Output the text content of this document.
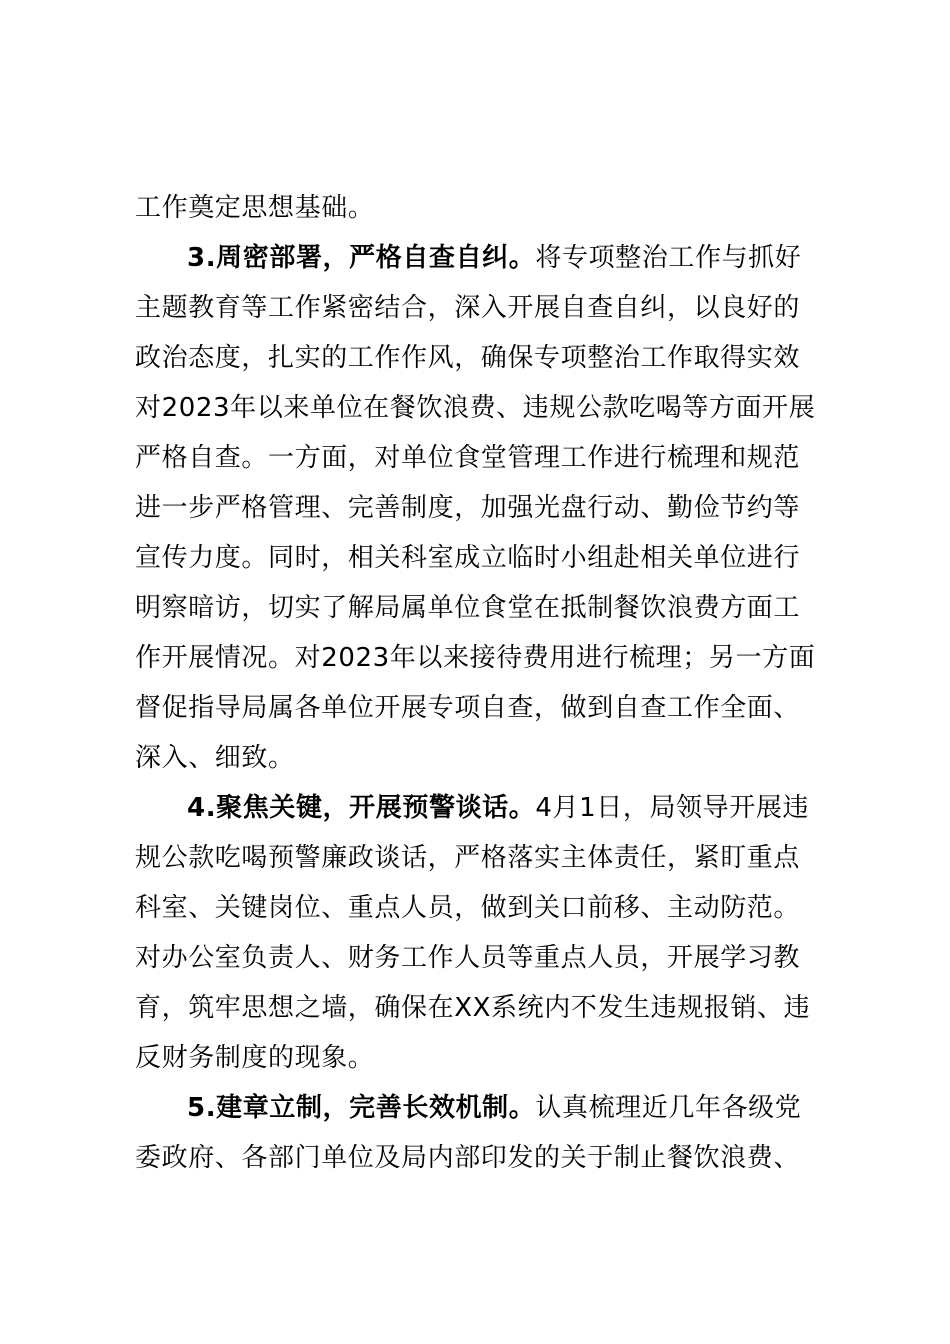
工作奠定思想基础。
3.周密部署，严格自查自纠。将专项整治工作与抓好
主题教育等工作紧密结合，深入开展自查自纠，以良好的
政治态度，扎实的工作作风，确保专项整治工作取得实效
对2023年以来单位在餐饮浪费、违规公款吃喝等方面开展
严格自查。一方面，对单位食堂管理工作进行梳理和规范
进一步严格管理、完善制度，加强光盘行动、勤俭节约等
宣传力度。同时，相关科室成立临时小组赴相关单位进行
明察暗访，切实了解局属单位食堂在抵制餐饮浪费方面工
作开展情况。对2023年以来接待费用进行梳理；另一方面
督促指导局属各单位开展专项自查，做到自查工作全面、
深入、细致。
4.聚焦关键，开展预警谈话。4月1日，局领导开展违
规公款吃喝预警廉政谈话，严格落实主体责任，紧盯重点
科室、关键岗位、重点人员，做到关口前移、主动防范。
对办公室负责人、财务工作人员等重点人员，开展学习教
育，筑牢思想之墙，确保在XX系统内不发生违规报销、违
反财务制度的现象。
5.建章立制，完善长效机制。认真梳理近几年各级党
委政府、各部门单位及局内部印发的关于制止餐饮浪费、
